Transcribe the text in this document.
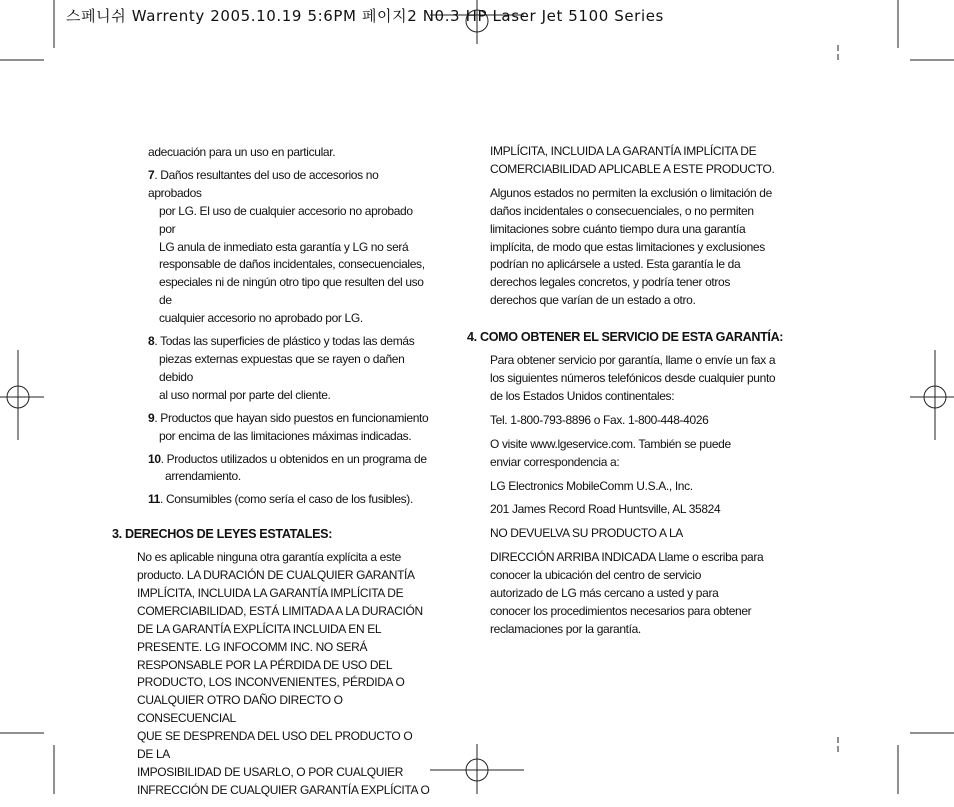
스페니쉬 Warrenty 2005.10.19 5:6PM 페이지2 N0.3 HP Laser Jet 5100 Series

adecuación para un uso en particular.

7. Daños resultantes del uso de accesorios no aprobados
por LG. El uso de cualquier accesorio no aprobado por
LG anula de inmediato esta garantía y LG no será
responsable de daños incidentales, consecuenciales,
especiales ni de ningún otro tipo que resulten del uso de
cualquier accesorio no aprobado por LG.
8. Todas las superficies de plástico y todas las demás
piezas externas expuestas que se rayen o dañen debido
al uso normal por parte del cliente.
9. Productos que hayan sido puestos en funcionamiento
por encima de las limitaciones máximas indicadas.
10. Productos utilizados u obtenidos en un programa de
arrendamiento.
11. Consumibles (como sería el caso de los fusibles).
3. DERECHOS DE LEYES ESTATALES:
No es aplicable ninguna otra garantía explícita a este
producto. LA DURACIÓN DE CUALQUIER GARANTÍA
IMPLÍCITA, INCLUIDA LA GARANTÍA IMPLÍCITA DE
COMERCIABILIDAD, ESTÁ LIMITADA A LA DURACIÓN
DE LA GARANTÍA EXPLÍCITA INCLUIDA EN EL
PRESENTE. LG INFOCOMM INC. NO SERÁ
RESPONSABLE POR LA PÉRDIDA DE USO DEL
PRODUCTO, LOS INCONVENIENTES, PÉRDIDA O
CUALQUIER OTRO DAÑO DIRECTO O CONSECUENCIAL
QUE SE DESPRENDA DEL USO DEL PRODUCTO O DE LA
IMPOSIBILIDAD DE USARLO, O POR CUALQUIER
INFRECCIÓN DE CUALQUIER GARANTÍA EXPLÍCITA O
IMPLÍCITA, INCLUIDA LA GARANTÍA IMPLÍCITA DE
COMERCIABILIDAD APLICABLE A ESTE PRODUCTO.
Algunos estados no permiten la exclusión o limitación de
daños incidentales o consecuenciales, o no permiten
limitaciones sobre cuánto tiempo dura una garantía
implícita, de modo que estas limitaciones y exclusiones
podrían no aplicársele a usted. Esta garantía le da
derechos legales concretos, y podría tener otros
derechos que varían de un estado a otro.
4. COMO OBTENER EL SERVICIO DE ESTA GARANTÍA:
Para obtener servicio por garantía, llame o envíe un fax a
los siguientes números telefónicos desde cualquier punto
de los Estados Unidos continentales:
Tel. 1-800-793-8896 o Fax. 1-800-448-4026
O visite www.lgeservice.com. También se puede
enviar correspondencia a:
LG Electronics MobileComm U.S.A., Inc.
201 James Record Road Huntsville, AL 35824
NO DEVUELVA SU PRODUCTO A LA
DIRECCIÓN ARRIBA INDICADA Llame o escriba para
conocer la ubicación del centro de servicio
autorizado de LG más cercano a usted y para
conocer los procedimientos necesarios para obtener
reclamaciones por la garantía.
